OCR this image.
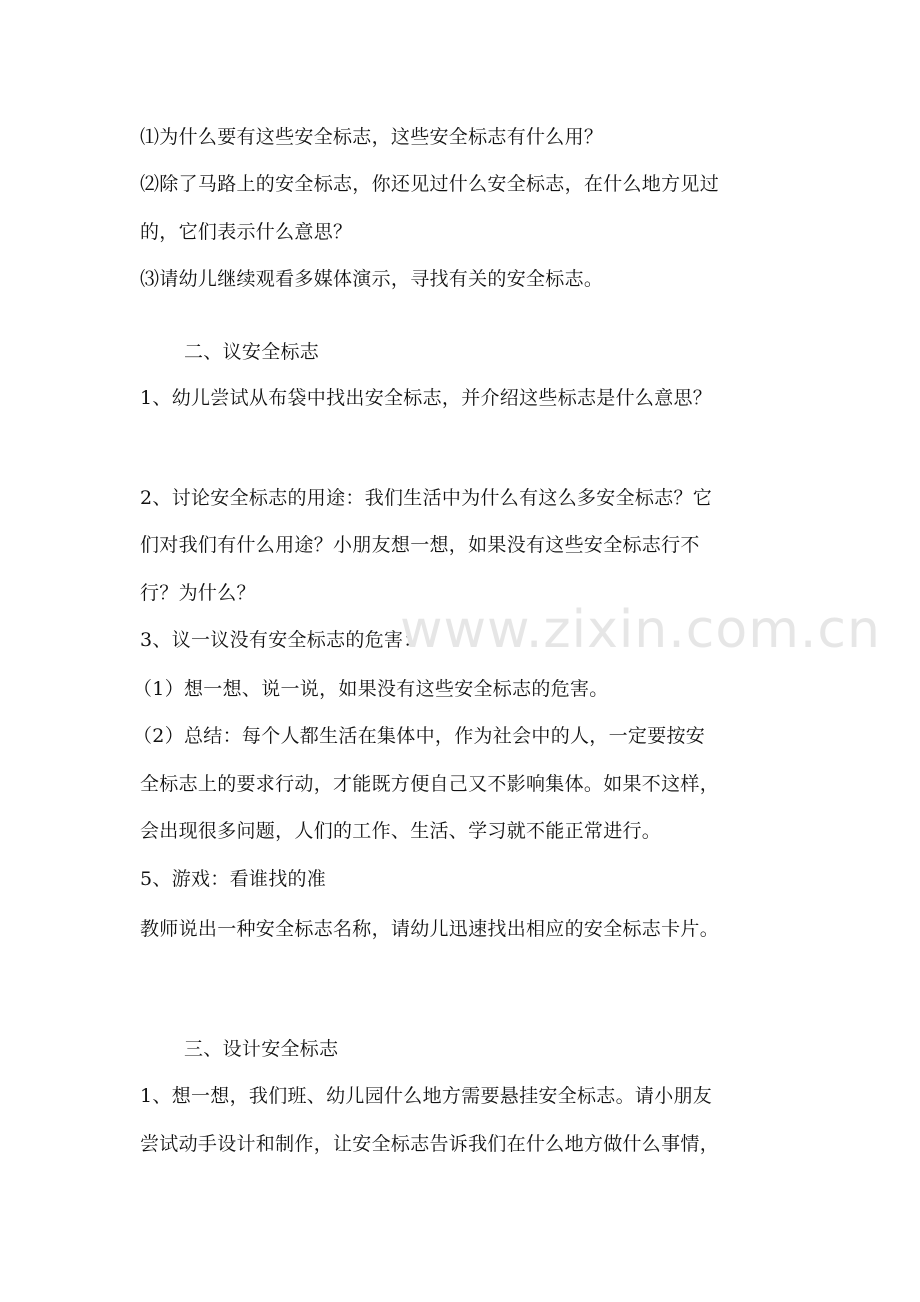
⑴为什么要有这些安全标志，这些安全标志有什么用？
⑵除了马路上的安全标志，你还见过什么安全标志，在什么地方见过
的，它们表示什么意思？
⑶请幼儿继续观看多媒体演示，寻找有关的安全标志。
二、议安全标志
1、幼儿尝试从布袋中找出安全标志，并介绍这些标志是什么意思？
2、讨论安全标志的用途：我们生活中为什么有这么多安全标志？它
们对我们有什么用途？小朋友想一想，如果没有这些安全标志行不
行？为什么？
3、议一议没有安全标志的危害：
（1）想一想、说一说，如果没有这些安全标志的危害。
（2）总结：每个人都生活在集体中，作为社会中的人，一定要按安
全标志上的要求行动，才能既方便自己又不影响集体。如果不这样，
会出现很多问题，人们的工作、生活、学习就不能正常进行。
5、游戏：看谁找的准
教师说出一种安全标志名称，请幼儿迅速找出相应的安全标志卡片。
三、设计安全标志
1、想一想，我们班、幼儿园什么地方需要悬挂安全标志。请小朋友
尝试动手设计和制作，让安全标志告诉我们在什么地方做什么事情，
www.zixin.com.cn
